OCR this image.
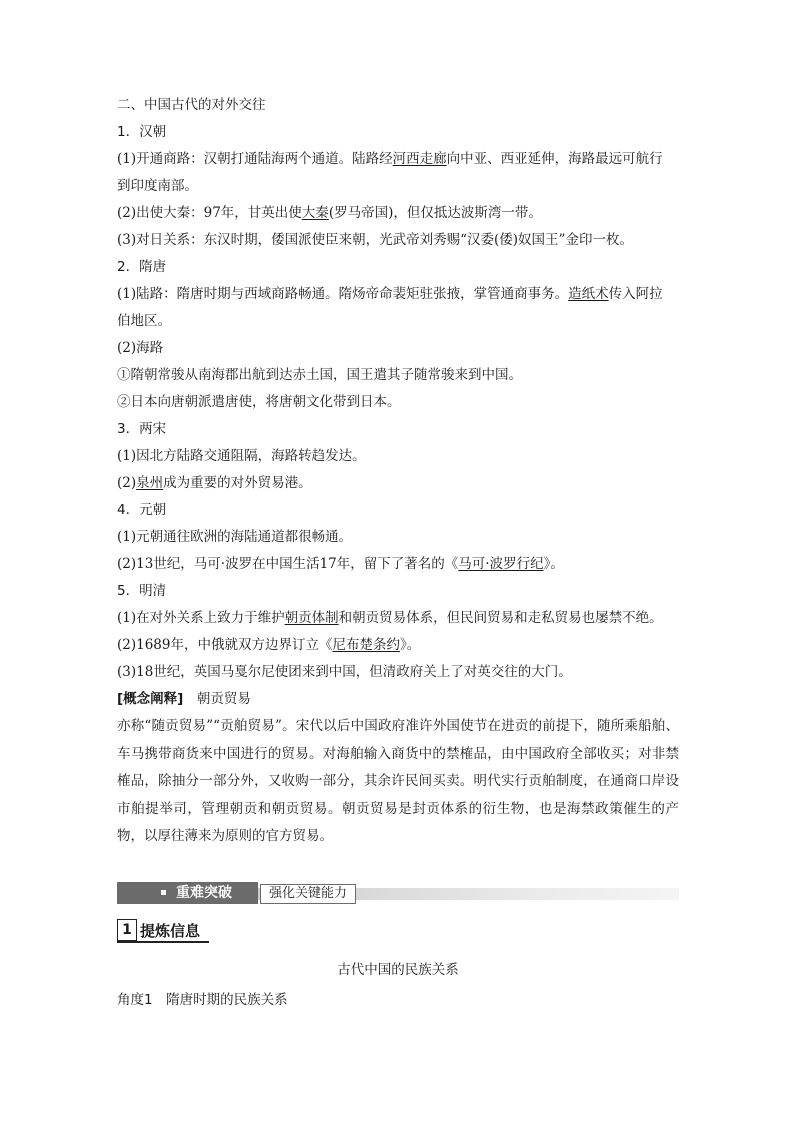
二、中国古代的对外交往
1．汉朝
(1)开通商路：汉朝打通陆海两个通道。陆路经河西走廊向中亚、西亚延伸，海路最远可航行
到印度南部。
(2)出使大秦：97年，甘英出使大秦(罗马帝国)，但仅抵达波斯湾一带。
(3)对日关系：东汉时期，倭国派使臣来朝，光武帝刘秀赐“汉委(倭)奴国王”金印一枚。
2．隋唐
(1)陆路：隋唐时期与西域商路畅通。隋炀帝命裴矩驻张掖，掌管通商事务。造纸术传入阿拉
伯地区。
(2)海路
①隋朝常骏从南海郡出航到达赤土国，国王遣其子随常骏来到中国。
②日本向唐朝派遣唐使，将唐朝文化带到日本。
3．两宋
(1)因北方陆路交通阻隔，海路转趋发达。
(2)泉州成为重要的对外贸易港。
4．元朝
(1)元朝通往欧洲的海陆通道都很畅通。
(2)13世纪，马可·波罗在中国生活17年，留下了著名的《马可·波罗行纪》。
5．明清
(1)在对外关系上致力于维护朝贡体制和朝贡贸易体系，但民间贸易和走私贸易也屡禁不绝。
(2)1689年，中俄就双方边界订立《尼布楚条约》。
(3)18世纪，英国马戛尔尼使团来到中国，但清政府关上了对英交往的大门。
[概念阐释]　 朝贡贸易
亦称“随贡贸易”“贡舶贸易”。宋代以后中国政府准许外国使节在进贡的前提下，随所乘船舶、车马携带商货来中国进行的贸易。对海舶输入商货中的禁榷品，由中国政府全部收买；对非禁榷品，除抽分一部分外，又收购一部分，其余许民间买卖。明代实行贡舶制度，在通商口岸设市舶提举司，管理朝贡和朝贡贸易。朝贡贸易是封贡体系的衍生物，也是海禁政策催生的产物，以厚往薄来为原则的官方贸易。
重难突破	强化关键能力
1 提炼信息
古代中国的民族关系
角度1　隋唐时期的民族关系
